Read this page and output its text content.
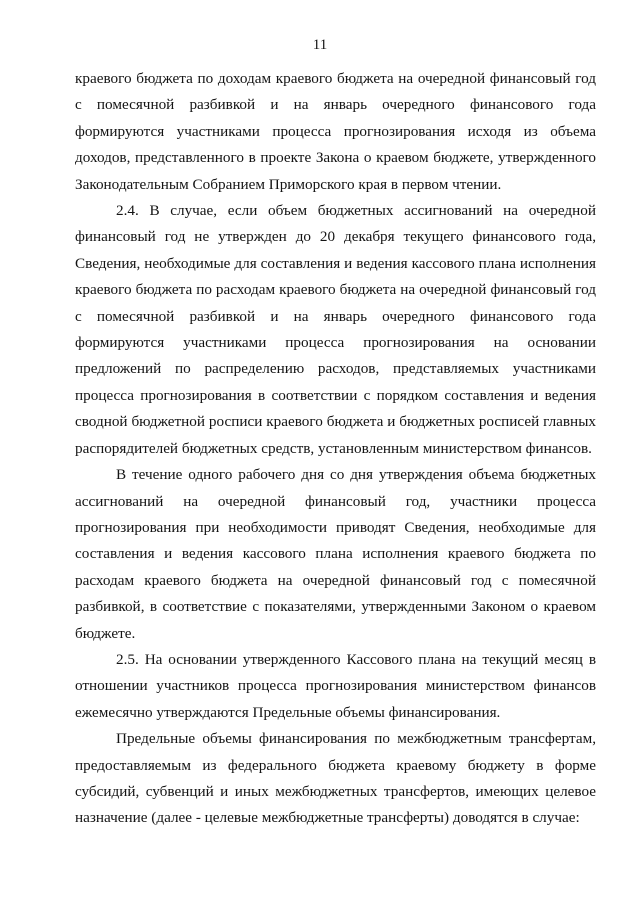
11

краевого бюджета по доходам краевого бюджета на очередной финансовый год с помесячной разбивкой и на январь очередного финансового года формируются участниками процесса прогнозирования исходя из объема доходов, представленного в проекте Закона о краевом бюджете, утвержденного Законодательным Собранием Приморского края в первом чтении.

2.4. В случае, если объем бюджетных ассигнований на очередной финансовый год не утвержден до 20 декабря текущего финансового года, Сведения, необходимые для составления и ведения кассового плана исполнения краевого бюджета по расходам краевого бюджета на очередной финансовый год с помесячной разбивкой и на январь очередного финансового года формируются участниками процесса прогнозирования на основании предложений по распределению расходов, представляемых участниками процесса прогнозирования в соответствии с порядком составления и ведения сводной бюджетной росписи краевого бюджета и бюджетных росписей главных распорядителей бюджетных средств, установленным министерством финансов.

В течение одного рабочего дня со дня утверждения объема бюджетных ассигнований на очередной финансовый год, участники процесса прогнозирования при необходимости приводят Сведения, необходимые для составления и ведения кассового плана исполнения краевого бюджета по расходам краевого бюджета на очередной финансовый год с помесячной разбивкой, в соответствие с показателями, утвержденными Законом о краевом бюджете.

2.5. На основании утвержденного Кассового плана на текущий месяц в отношении участников процесса прогнозирования министерством финансов ежемесячно утверждаются Предельные объемы финансирования.

Предельные объемы финансирования по межбюджетным трансфертам, предоставляемым из федерального бюджета краевому бюджету в форме субсидий, субвенций и иных межбюджетных трансфертов, имеющих целевое назначение (далее - целевые межбюджетные трансферты) доводятся в случае:
